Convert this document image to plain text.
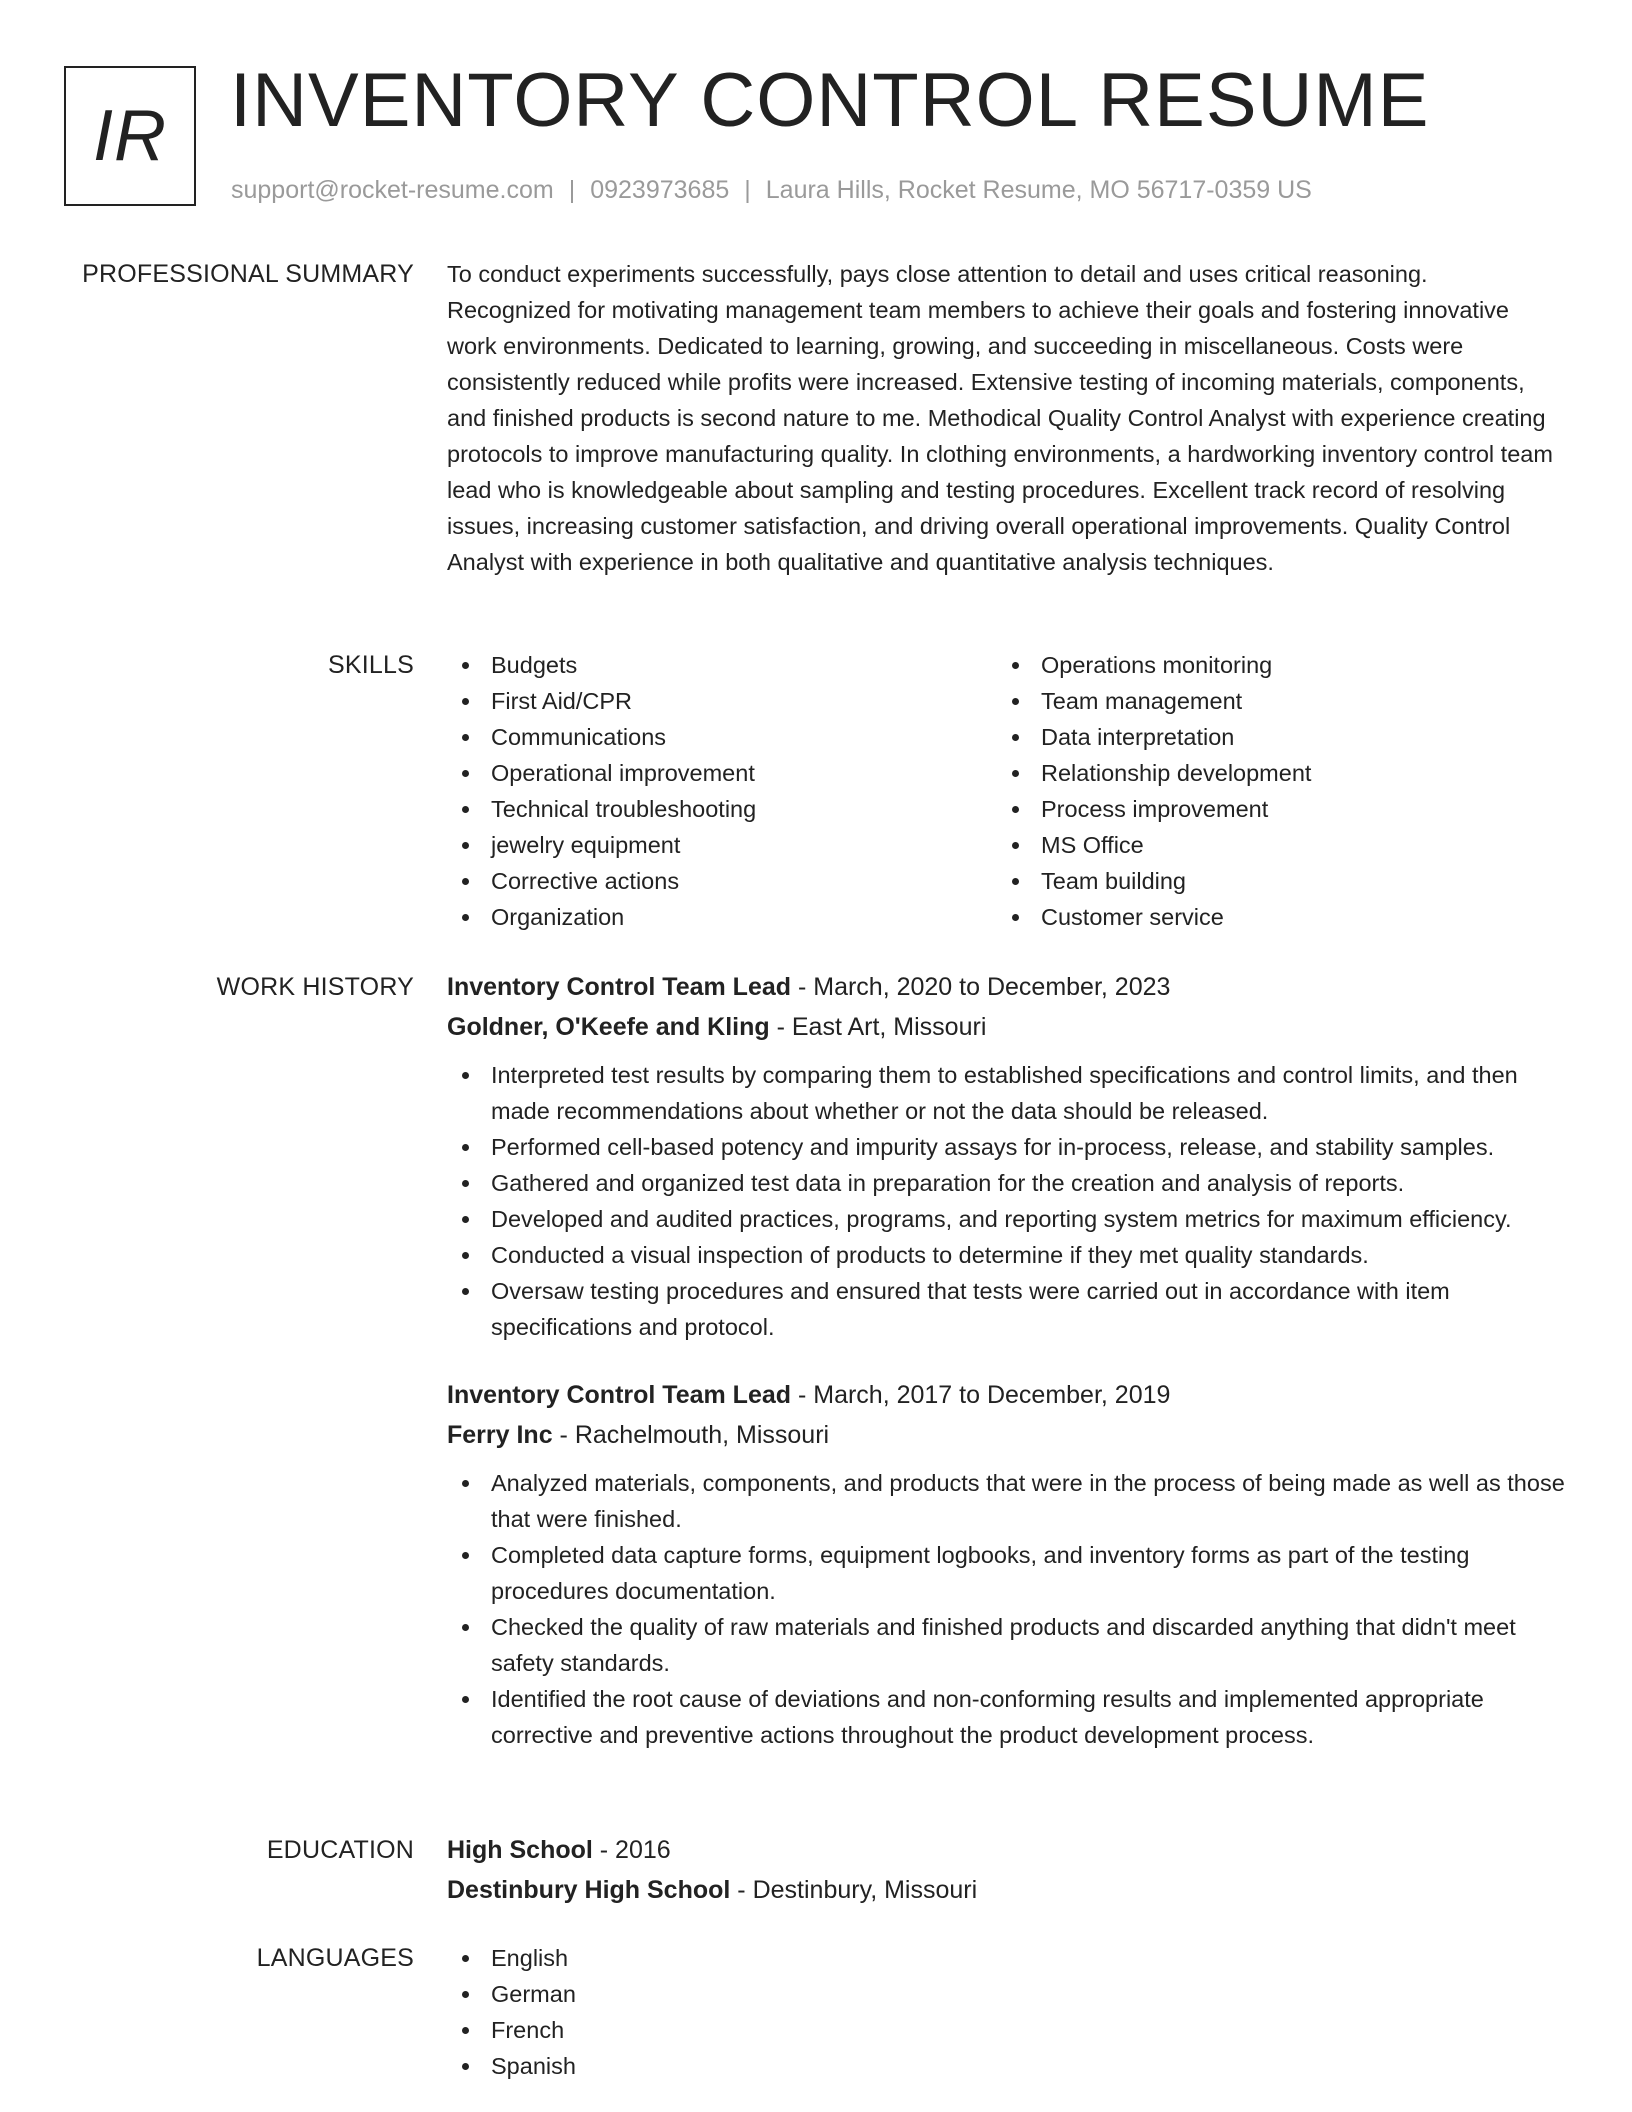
IR INVENTORY CONTROL RESUME
support@rocket-resume.com | 0923973685 | Laura Hills, Rocket Resume, MO 56717-0359 US
PROFESSIONAL SUMMARY To conduct experiments successfully, pays close attention to detail and uses critical reasoning. Recognized for motivating management team members to achieve their goals and fostering innovative work environments. Dedicated to learning, growing, and succeeding in miscellaneous. Costs were consistently reduced while profits were increased. Extensive testing of incoming materials, components, and finished products is second nature to me. Methodical Quality Control Analyst with experience creating protocols to improve manufacturing quality. In clothing environments, a hardworking inventory control team lead who is knowledgeable about sampling and testing procedures. Excellent track record of resolving issues, increasing customer satisfaction, and driving overall operational improvements. Quality Control Analyst with experience in both qualitative and quantitative analysis techniques.

SKILLS	Budgets
First Aid/CPR
Communications
Operational improvement
Technical troubleshooting
jewelry equipment
Corrective actions
Organization
Operations monitoring
Team management
Data interpretation
Relationship development
Process improvement
MS Office
Team building
Customer service
WORK HISTORY Inventory Control Team Lead - March, 2020 to December, 2023
Goldner, O'Keefe and Kling - East Art, Missouri
Interpreted test results by comparing them to established specifications and control limits, and then made recommendations about whether or not the data should be released.
Performed cell-based potency and impurity assays for in-process, release, and stability samples.
Gathered and organized test data in preparation for the creation and analysis of reports.
Developed and audited practices, programs, and reporting system metrics for maximum efficiency.
Conducted a visual inspection of products to determine if they met quality standards.
Oversaw testing procedures and ensured that tests were carried out in accordance with item specifications and protocol.
Inventory Control Team Lead - March, 2017 to December, 2019
Ferry Inc - Rachelmouth, Missouri
Analyzed materials, components, and products that were in the process of being made as well as those that were finished.
Completed data capture forms, equipment logbooks, and inventory forms as part of the testing procedures documentation.
Checked the quality of raw materials and finished products and discarded anything that didn't meet safety standards.
Identified the root cause of deviations and non-conforming results and implemented appropriate corrective and preventive actions throughout the product development process.
EDUCATION High School - 2016
Destinbury High School - Destinbury, Missouri
LANGUAGES	English
German
French
Spanish
